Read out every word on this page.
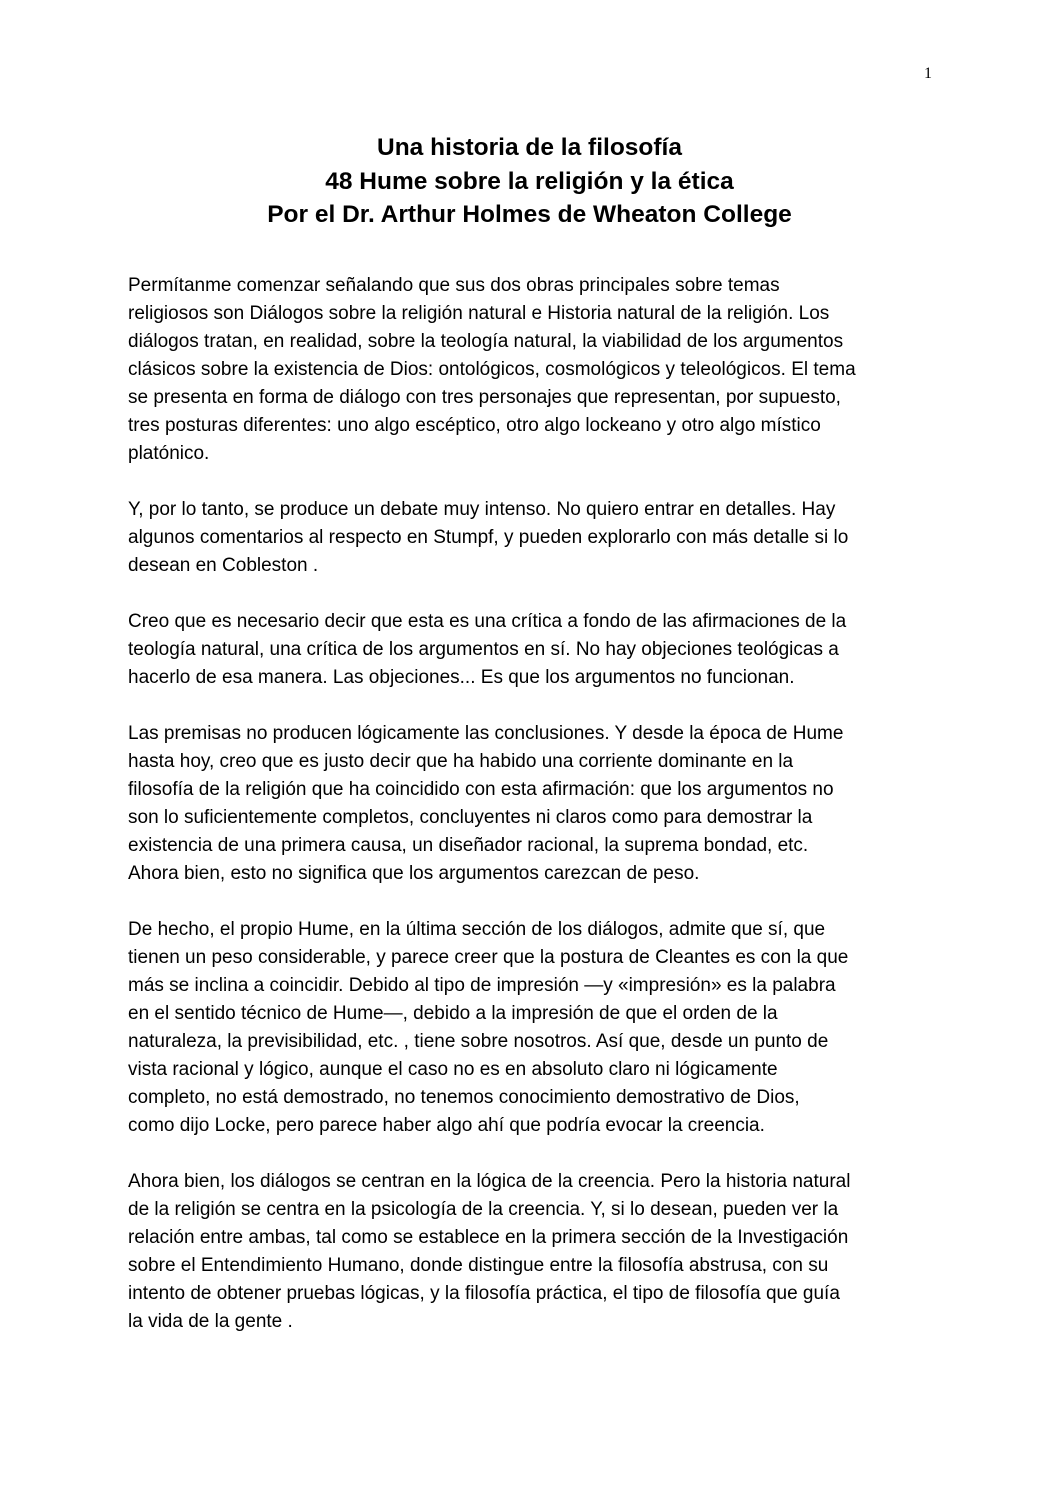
1
Una historia de la filosofía
48 Hume sobre la religión y la ética
Por el Dr. Arthur Holmes de Wheaton College
Permítanme comenzar señalando que sus dos obras principales sobre temas
religiosos son Diálogos sobre la religión natural e Historia natural de la religión. Los
diálogos tratan, en realidad, sobre la teología natural, la viabilidad de los argumentos
clásicos sobre la existencia de Dios: ontológicos, cosmológicos y teleológicos. El tema
se presenta en forma de diálogo con tres personajes que representan, por supuesto,
tres posturas diferentes: uno algo escéptico, otro algo lockeano y otro algo místico
platónico.
Y, por lo tanto, se produce un debate muy intenso. No quiero entrar en detalles. Hay
algunos comentarios al respecto en Stumpf, y pueden explorarlo con más detalle si lo
desean en Cobleston .
Creo que es necesario decir que esta es una crítica a fondo de las afirmaciones de la
teología natural, una crítica de los argumentos en sí. No hay objeciones teológicas a
hacerlo de esa manera. Las objeciones... Es que los argumentos no funcionan.
Las premisas no producen lógicamente las conclusiones. Y desde la época de Hume
hasta hoy, creo que es justo decir que ha habido una corriente dominante en la
filosofía de la religión que ha coincidido con esta afirmación: que los argumentos no
son lo suficientemente completos, concluyentes ni claros como para demostrar la
existencia de una primera causa, un diseñador racional, la suprema bondad, etc.
Ahora bien, esto no significa que los argumentos carezcan de peso.
De hecho, el propio Hume, en la última sección de los diálogos, admite que sí, que
tienen un peso considerable, y parece creer que la postura de Cleantes es con la que
más se inclina a coincidir. Debido al tipo de impresión —y «impresión» es la palabra
en el sentido técnico de Hume—, debido a la impresión de que el orden de la
naturaleza, la previsibilidad, etc. , tiene sobre nosotros. Así que, desde un punto de
vista racional y lógico, aunque el caso no es en absoluto claro ni lógicamente
completo, no está demostrado, no tenemos conocimiento demostrativo de Dios,
como dijo Locke, pero parece haber algo ahí que podría evocar la creencia.
Ahora bien, los diálogos se centran en la lógica de la creencia. Pero la historia natural
de la religión se centra en la psicología de la creencia. Y, si lo desean, pueden ver la
relación entre ambas, tal como se establece en la primera sección de la Investigación
sobre el Entendimiento Humano, donde distingue entre la filosofía abstrusa, con su
intento de obtener pruebas lógicas, y la filosofía práctica, el tipo de filosofía que guía
la vida de la gente .
